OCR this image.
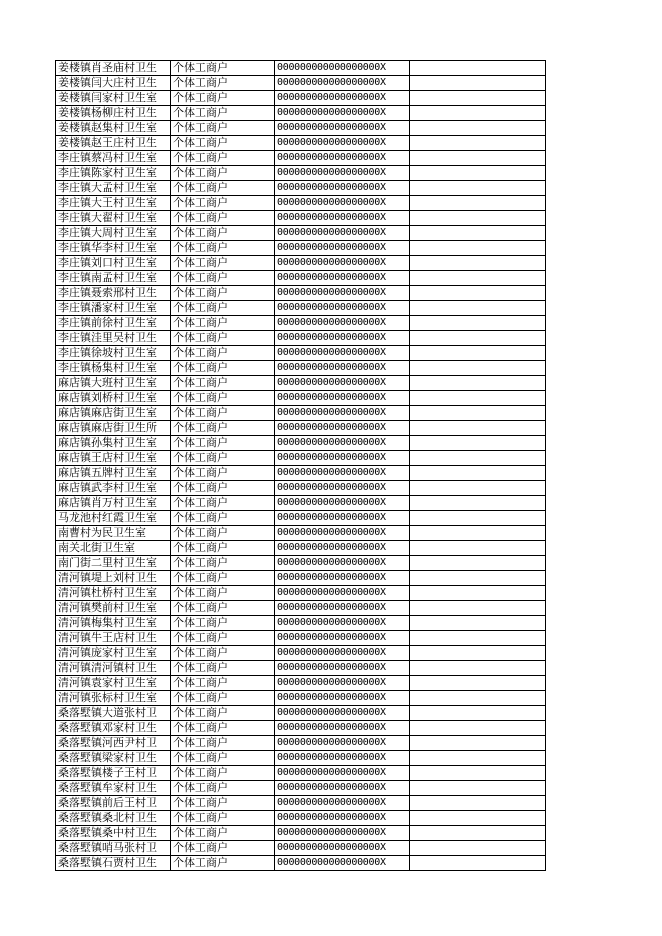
姜楼镇肖圣庙村卫生	个体工商户	000000000000000000X	
姜楼镇闫大庄村卫生	个体工商户	000000000000000000X	
姜楼镇闫家村卫生室	个体工商户	000000000000000000X	
姜楼镇杨柳庄村卫生	个体工商户	000000000000000000X	
姜楼镇赵集村卫生室	个体工商户	000000000000000000X	
姜楼镇赵王庄村卫生	个体工商户	000000000000000000X	
李庄镇蔡冯村卫生室	个体工商户	000000000000000000X	
李庄镇陈家村卫生室	个体工商户	000000000000000000X	
李庄镇大孟村卫生室	个体工商户	000000000000000000X	
李庄镇大王村卫生室	个体工商户	000000000000000000X	
李庄镇大翟村卫生室	个体工商户	000000000000000000X	
李庄镇大周村卫生室	个体工商户	000000000000000000X	
李庄镇华李村卫生室	个体工商户	000000000000000000X	
李庄镇刘口村卫生室	个体工商户	000000000000000000X	
李庄镇南孟村卫生室	个体工商户	000000000000000000X	
李庄镇聂索邢村卫生	个体工商户	000000000000000000X	
李庄镇潘家村卫生室	个体工商户	000000000000000000X	
李庄镇前徐村卫生室	个体工商户	000000000000000000X	
李庄镇洼里吴村卫生	个体工商户	000000000000000000X	
李庄镇徐坡村卫生室	个体工商户	000000000000000000X	
李庄镇杨集村卫生室	个体工商户	000000000000000000X	
麻店镇大班村卫生室	个体工商户	000000000000000000X	
麻店镇刘桥村卫生室	个体工商户	000000000000000000X	
麻店镇麻店街卫生室	个体工商户	000000000000000000X	
麻店镇麻店街卫生所	个体工商户	000000000000000000X	
麻店镇孙集村卫生室	个体工商户	000000000000000000X	
麻店镇王店村卫生室	个体工商户	000000000000000000X	
麻店镇五牌村卫生室	个体工商户	000000000000000000X	
麻店镇武李村卫生室	个体工商户	000000000000000000X	
麻店镇肖万村卫生室	个体工商户	000000000000000000X	
马龙池村红霞卫生室	个体工商户	000000000000000000X	
南曹村为民卫生室	个体工商户	000000000000000000X	
南关北街卫生室	个体工商户	000000000000000000X	
南门街二里村卫生室	个体工商户	000000000000000000X	
清河镇堤上刘村卫生	个体工商户	000000000000000000X	
清河镇杜桥村卫生室	个体工商户	000000000000000000X	
清河镇樊前村卫生室	个体工商户	000000000000000000X	
清河镇梅集村卫生室	个体工商户	000000000000000000X	
清河镇牛王店村卫生	个体工商户	000000000000000000X	
清河镇庞家村卫生室	个体工商户	000000000000000000X	
清河镇清河镇村卫生	个体工商户	000000000000000000X	
清河镇袁家村卫生室	个体工商户	000000000000000000X	
清河镇张标村卫生室	个体工商户	000000000000000000X	
桑落墅镇大道张村卫	个体工商户	000000000000000000X	
桑落墅镇邓家村卫生	个体工商户	000000000000000000X	
桑落墅镇河西尹村卫	个体工商户	000000000000000000X	
桑落墅镇梁家村卫生	个体工商户	000000000000000000X	
桑落墅镇楼子王村卫	个体工商户	000000000000000000X	
桑落墅镇牟家村卫生	个体工商户	000000000000000000X	
桑落墅镇前后王村卫	个体工商户	000000000000000000X	
桑落墅镇桑北村卫生	个体工商户	000000000000000000X	
桑落墅镇桑中村卫生	个体工商户	000000000000000000X	
桑落墅镇哨马张村卫	个体工商户	000000000000000000X	
桑落墅镇石贾村卫生	个体工商户	000000000000000000X	
